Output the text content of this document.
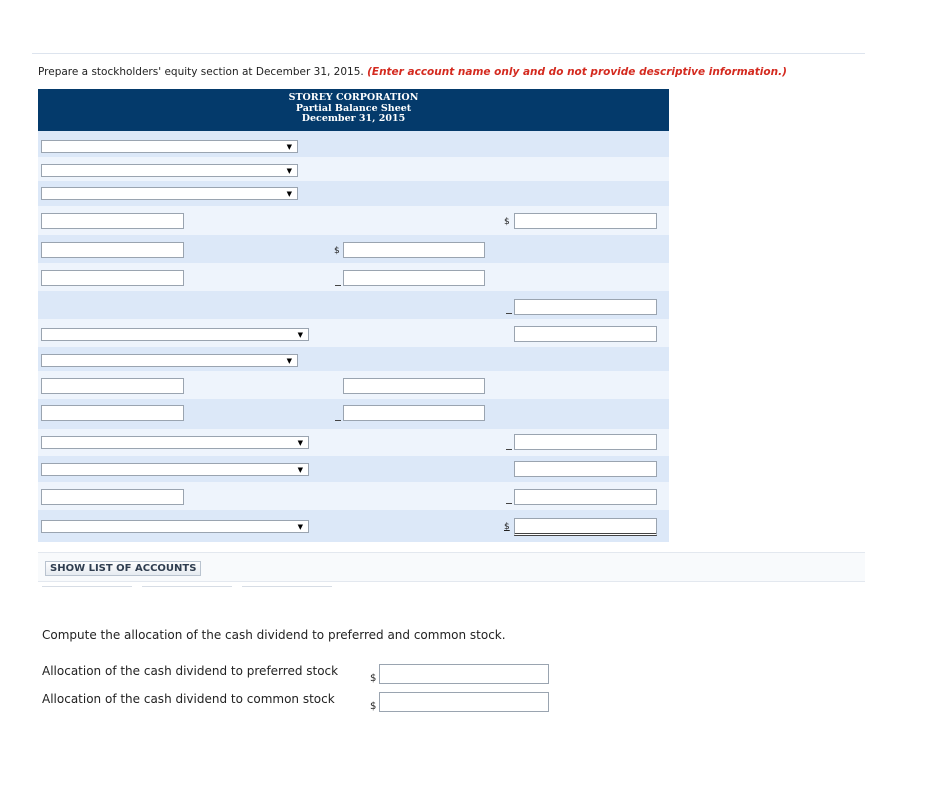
Prepare a stockholders' equity section at December 31, 2015. (Enter account name only and do not provide descriptive information.)
STOREY CORPORATION
Partial Balance Sheet
December 31, 2015
▼
▼
▼
$
$
▼
▼
▼
▼
▼	$
SHOW LIST OF ACCOUNTS
Compute the allocation of the cash dividend to preferred and common stock.
Allocation of the cash dividend to preferred stock
$
Allocation of the cash dividend to common stock
$
